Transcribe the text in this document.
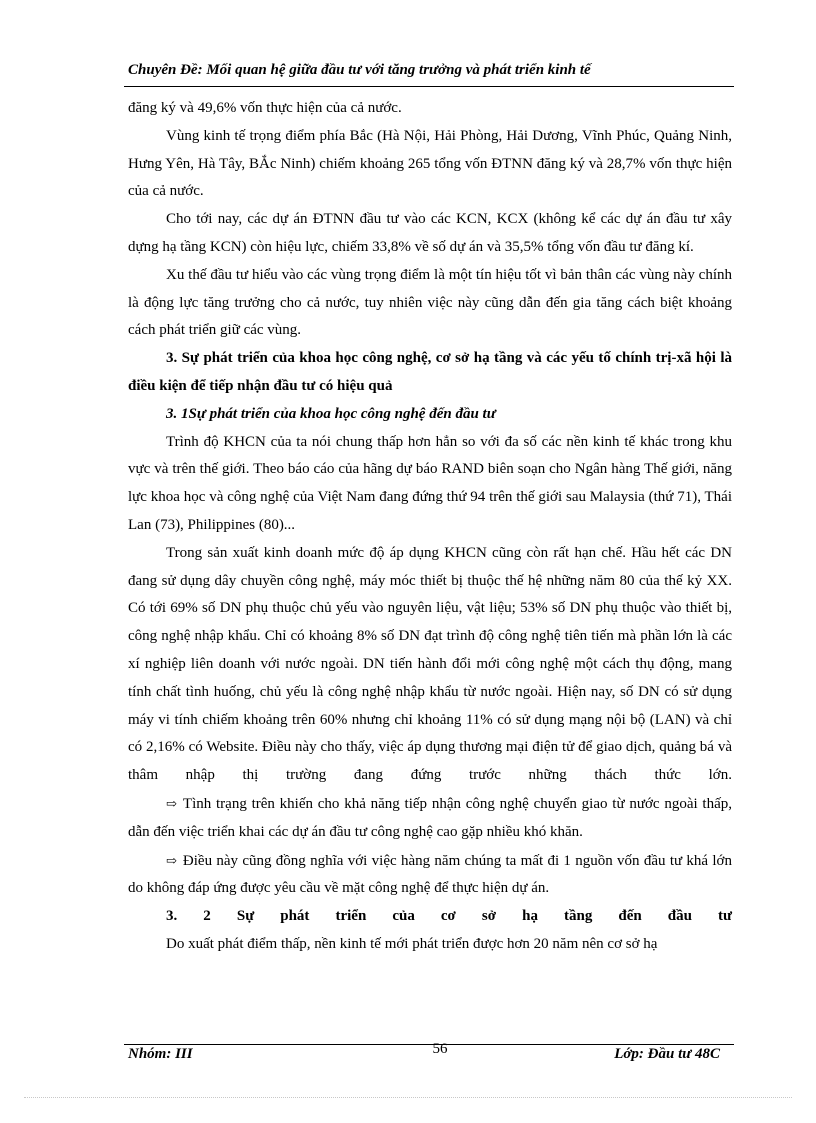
Chuyên Đề: Mối quan hệ giữa đầu tư với tăng trưởng và phát triển kinh tế

đăng ký và 49,6% vốn thực hiện của cả nước.

Vùng kinh tế trọng điểm phía Bắc (Hà Nội, Hải Phòng, Hải Dương, Vĩnh Phúc, Quảng Ninh, Hưng Yên, Hà Tây, BẮc Ninh) chiếm khoảng 265 tổng vốn ĐTNN đăng ký và 28,7% vốn thực hiện của cả nước.

Cho tới nay, các dự án ĐTNN đầu tư vào các KCN, KCX (không kể các dự án đầu tư xây dựng hạ tầng KCN) còn hiệu lực, chiếm 33,8% về số dự án và 35,5% tổng vốn đầu tư đăng kí.

Xu thế đầu tư hiểu vào các vùng trọng điểm là một tín hiệu tốt vì bản thân các vùng này chính là động lực tăng trưởng cho cả nước, tuy nhiên việc này cũng dẫn đến gia tăng cách biệt khoảng cách phát triển giữ các vùng.

3. Sự phát triển của khoa học công nghệ, cơ sở hạ tầng và các yếu tố chính trị-xã hội là điều kiện để tiếp nhận đầu tư có hiệu quả

3. 1Sự phát triển của khoa học công nghệ đến đầu tư

Trình độ KHCN của ta nói chung thấp hơn hẳn so với đa số các nền kinh tế khác trong khu vực và trên thế giới. Theo báo cáo của hãng dự báo RAND biên soạn cho Ngân hàng Thế giới, năng lực khoa học và công nghệ của Việt Nam đang đứng thứ 94 trên thế giới sau Malaysia (thứ 71), Thái Lan (73), Philippines (80)...

Trong sản xuất kinh doanh mức độ áp dụng KHCN cũng còn rất hạn chế. Hầu hết các DN đang sử dụng dây chuyền công nghệ, máy móc thiết bị thuộc thế hệ những năm 80 của thế kỷ XX. Có tới 69% số DN phụ thuộc chủ yếu vào nguyên liệu, vật liệu; 53% số DN phụ thuộc vào thiết bị, công nghệ nhập khẩu. Chỉ có khoảng 8% số DN đạt trình độ công nghệ tiên tiến mà phần lớn là các xí nghiệp liên doanh với nước ngoài. DN tiến hành đổi mới công nghệ một cách thụ động, mang tính chất tình huống, chủ yếu là công nghệ nhập khẩu từ nước ngoài. Hiện nay, số DN có sử dụng máy vi tính chiếm khoảng trên 60% nhưng chỉ khoảng 11% có sử dụng mạng nội bộ (LAN) và chỉ có 2,16% có Website. Điều này cho thấy, việc áp dụng thương mại điện tử để giao dịch, quảng bá và thâm nhập thị trường đang đứng trước những thách thức lớn.

⇨ Tình trạng trên khiến cho khả năng tiếp nhận công nghệ chuyển giao từ nước ngoài thấp, dẫn đến việc triển khai các dự án đầu tư công nghệ cao gặp nhiều khó khăn.

⇨ Điều này cũng đồng nghĩa với việc hàng năm chúng ta mất đi 1 nguồn vốn đầu tư khá lớn do không đáp ứng được yêu cầu về mặt công nghệ để thực hiện dự án.

3. 2 Sự phát triển của cơ sở hạ tầng đến đầu tư

Do xuất phát điểm thấp, nền kinh tế mới phát triển được hơn 20 năm nên cơ sở hạ

Nhóm: III	56	Lớp: Đầu tư 48C
